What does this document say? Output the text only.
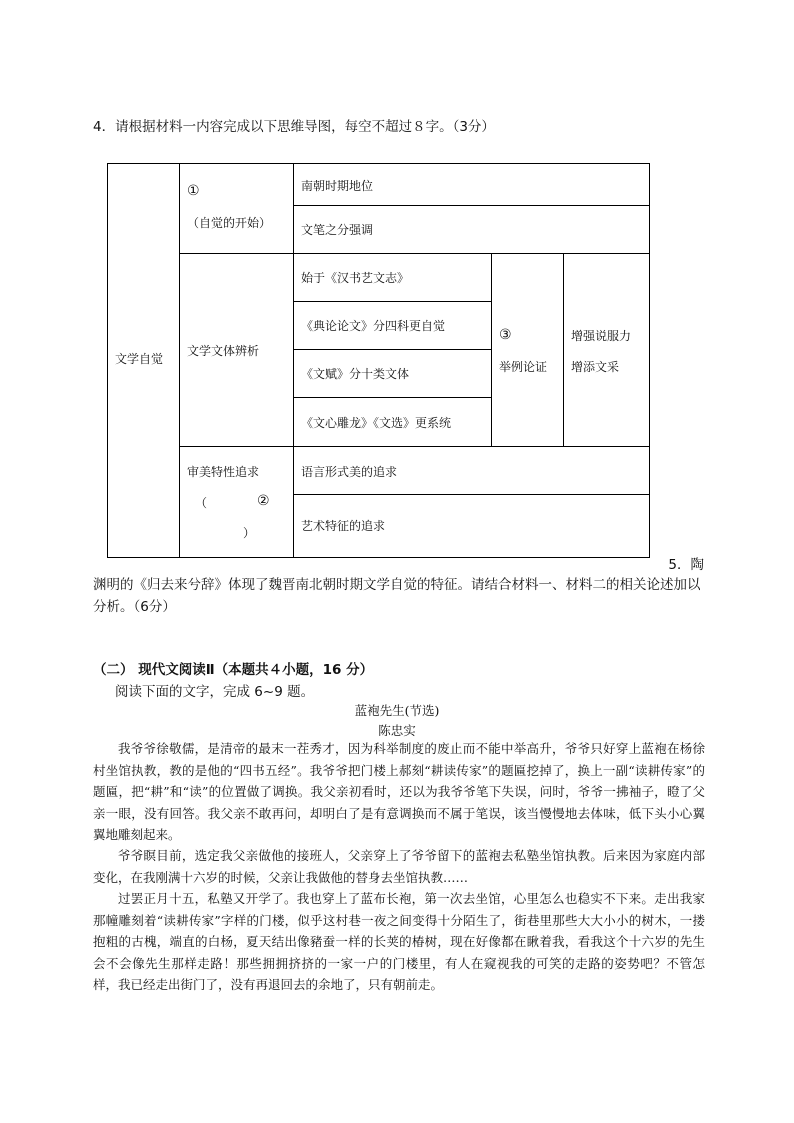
4．请根据材料一内容完成以下思维导图，每空不超过８字。（3分）
文学自觉
①
（自觉的开始）
南朝时期地位
文笔之分强调
文学文体辨析
始于《汉书艺文志》
《典论论文》分四科更自觉
《文赋》分十类文体
《文心雕龙》《文选》更系统
③
举例论证
增强说服力
增添文采
审美特性追求
（	②
）
语言形式美的追求
艺术特征的追求
5．陶
渊明的《归去来兮辞》体现了魏晋南北朝时期文学自觉的特征。请结合材料一、材料二的相关论述加以分析。（6分）
（二） 现代文阅读Ⅱ（本题共４小题，16 分）
阅读下面的文字，完成 6~9 题。
蓝袍先生(节选)
陈忠实
我爷爷徐敬儒，是清帝的最末一茬秀才，因为科举制度的废止而不能中举高升，爷爷只好穿上蓝袍在杨徐村坐馆执教，教的是他的“四书五经”。我爷爷把门楼上郝刻“耕读传家”的题匾挖掉了，换上一副“读耕传家”的题匾，把“耕”和“读”的位置做了调换。我父亲初看时，还以为我爷爷笔下失误，问时，爷爷一拂袖子，瞪了父亲一眼，没有回答。我父亲不敢再问，却明白了是有意调换而不属于笔误，该当慢慢地去体味，低下头小心翼翼地雕刻起来。
爷爷瞑目前，选定我父亲做他的接班人，父亲穿上了爷爷留下的蓝袍去私塾坐馆执教。后来因为家庭内部变化，在我刚满十六岁的时候，父亲让我做他的替身去坐馆执教……
过罢正月十五，私塾又开学了。我也穿上了蓝布长袍，第一次去坐馆，心里怎么也稳实不下来。走出我家那幢雕刻着“读耕传家”字样的门楼，似乎这村巷一夜之间变得十分陌生了，街巷里那些大大小小的树木，一搂抱粗的古槐，端直的白杨，夏天结出像豬蚕一样的长荚的椿树，现在好像都在瞅着我，看我这个十六岁的先生会不会像先生那样走路！那些拥拥挤挤的一家一户的门楼里，有人在窥视我的可笑的走路的姿势吧？不管怎样，我已经走出街门了，没有再退回去的余地了，只有朝前走。
